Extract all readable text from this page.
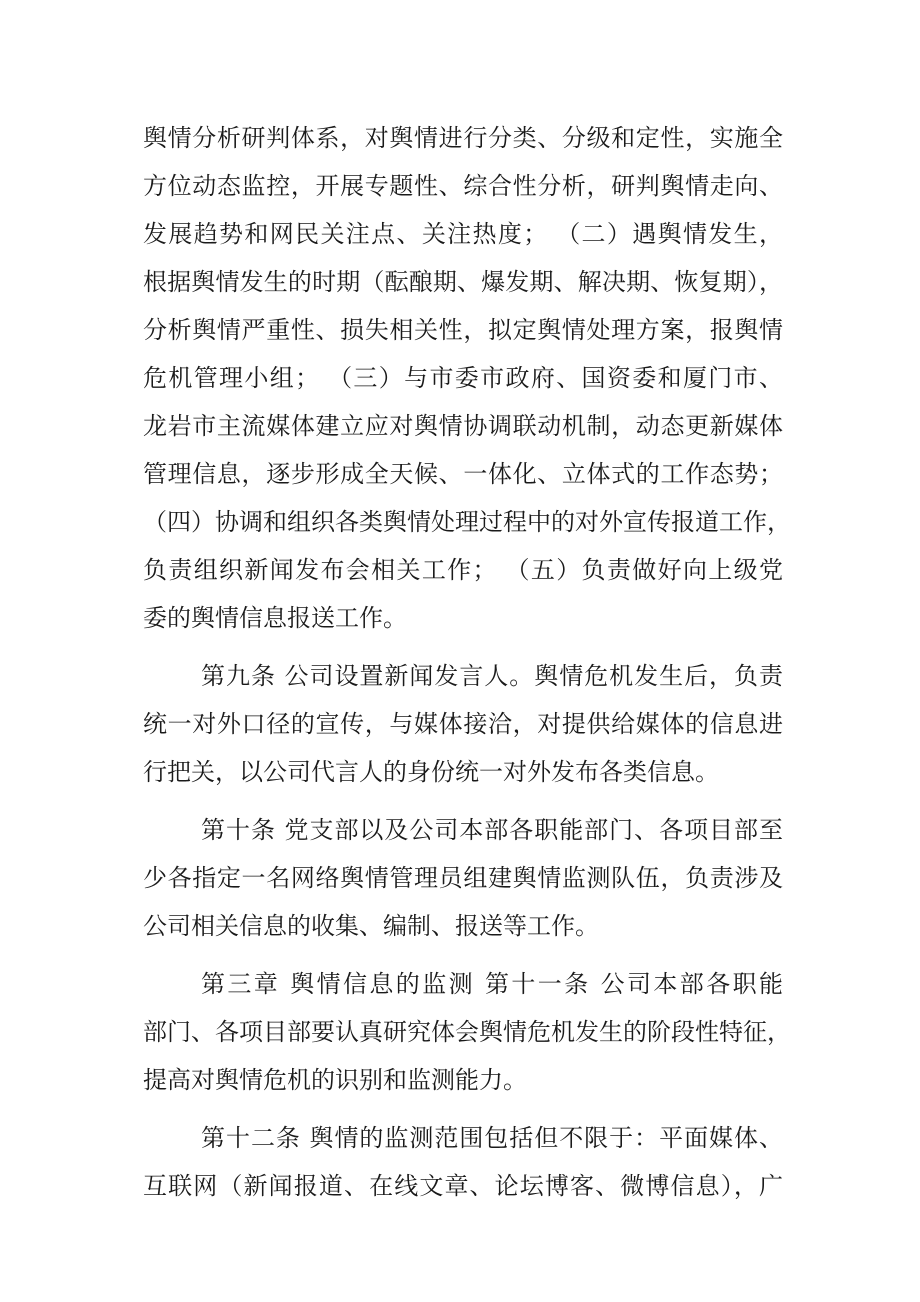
舆情分析研判体系，对舆情进行分类、分级和定性，实施全
方位动态监控，开展专题性、综合性分析，研判舆情走向、
发展趋势和网民关注点、关注热度； （二）遇舆情发生，
根据舆情发生的时期（酝酿期、爆发期、解决期、恢复期），
分析舆情严重性、损失相关性，拟定舆情处理方案，报舆情
危机管理小组； （三）与市委市政府、国资委和厦门市、
龙岩市主流媒体建立应对舆情协调联动机制，动态更新媒体
管理信息，逐步形成全天候、一体化、立体式的工作态势；
（四）协调和组织各类舆情处理过程中的对外宣传报道工作，
负责组织新闻发布会相关工作； （五）负责做好向上级党
委的舆情信息报送工作。
第九条 公司设置新闻发言人。舆情危机发生后，负责
统一对外口径的宣传，与媒体接洽，对提供给媒体的信息进
行把关，以公司代言人的身份统一对外发布各类信息。
第十条 党支部以及公司本部各职能部门、各项目部至
少各指定一名网络舆情管理员组建舆情监测队伍，负责涉及
公司相关信息的收集、编制、报送等工作。
第三章 舆情信息的监测 第十一条 公司本部各职能
部门、各项目部要认真研究体会舆情危机发生的阶段性特征，
提高对舆情危机的识别和监测能力。
第十二条 舆情的监测范围包括但不限于：平面媒体、
互联网（新闻报道、在线文章、论坛博客、微博信息），广
